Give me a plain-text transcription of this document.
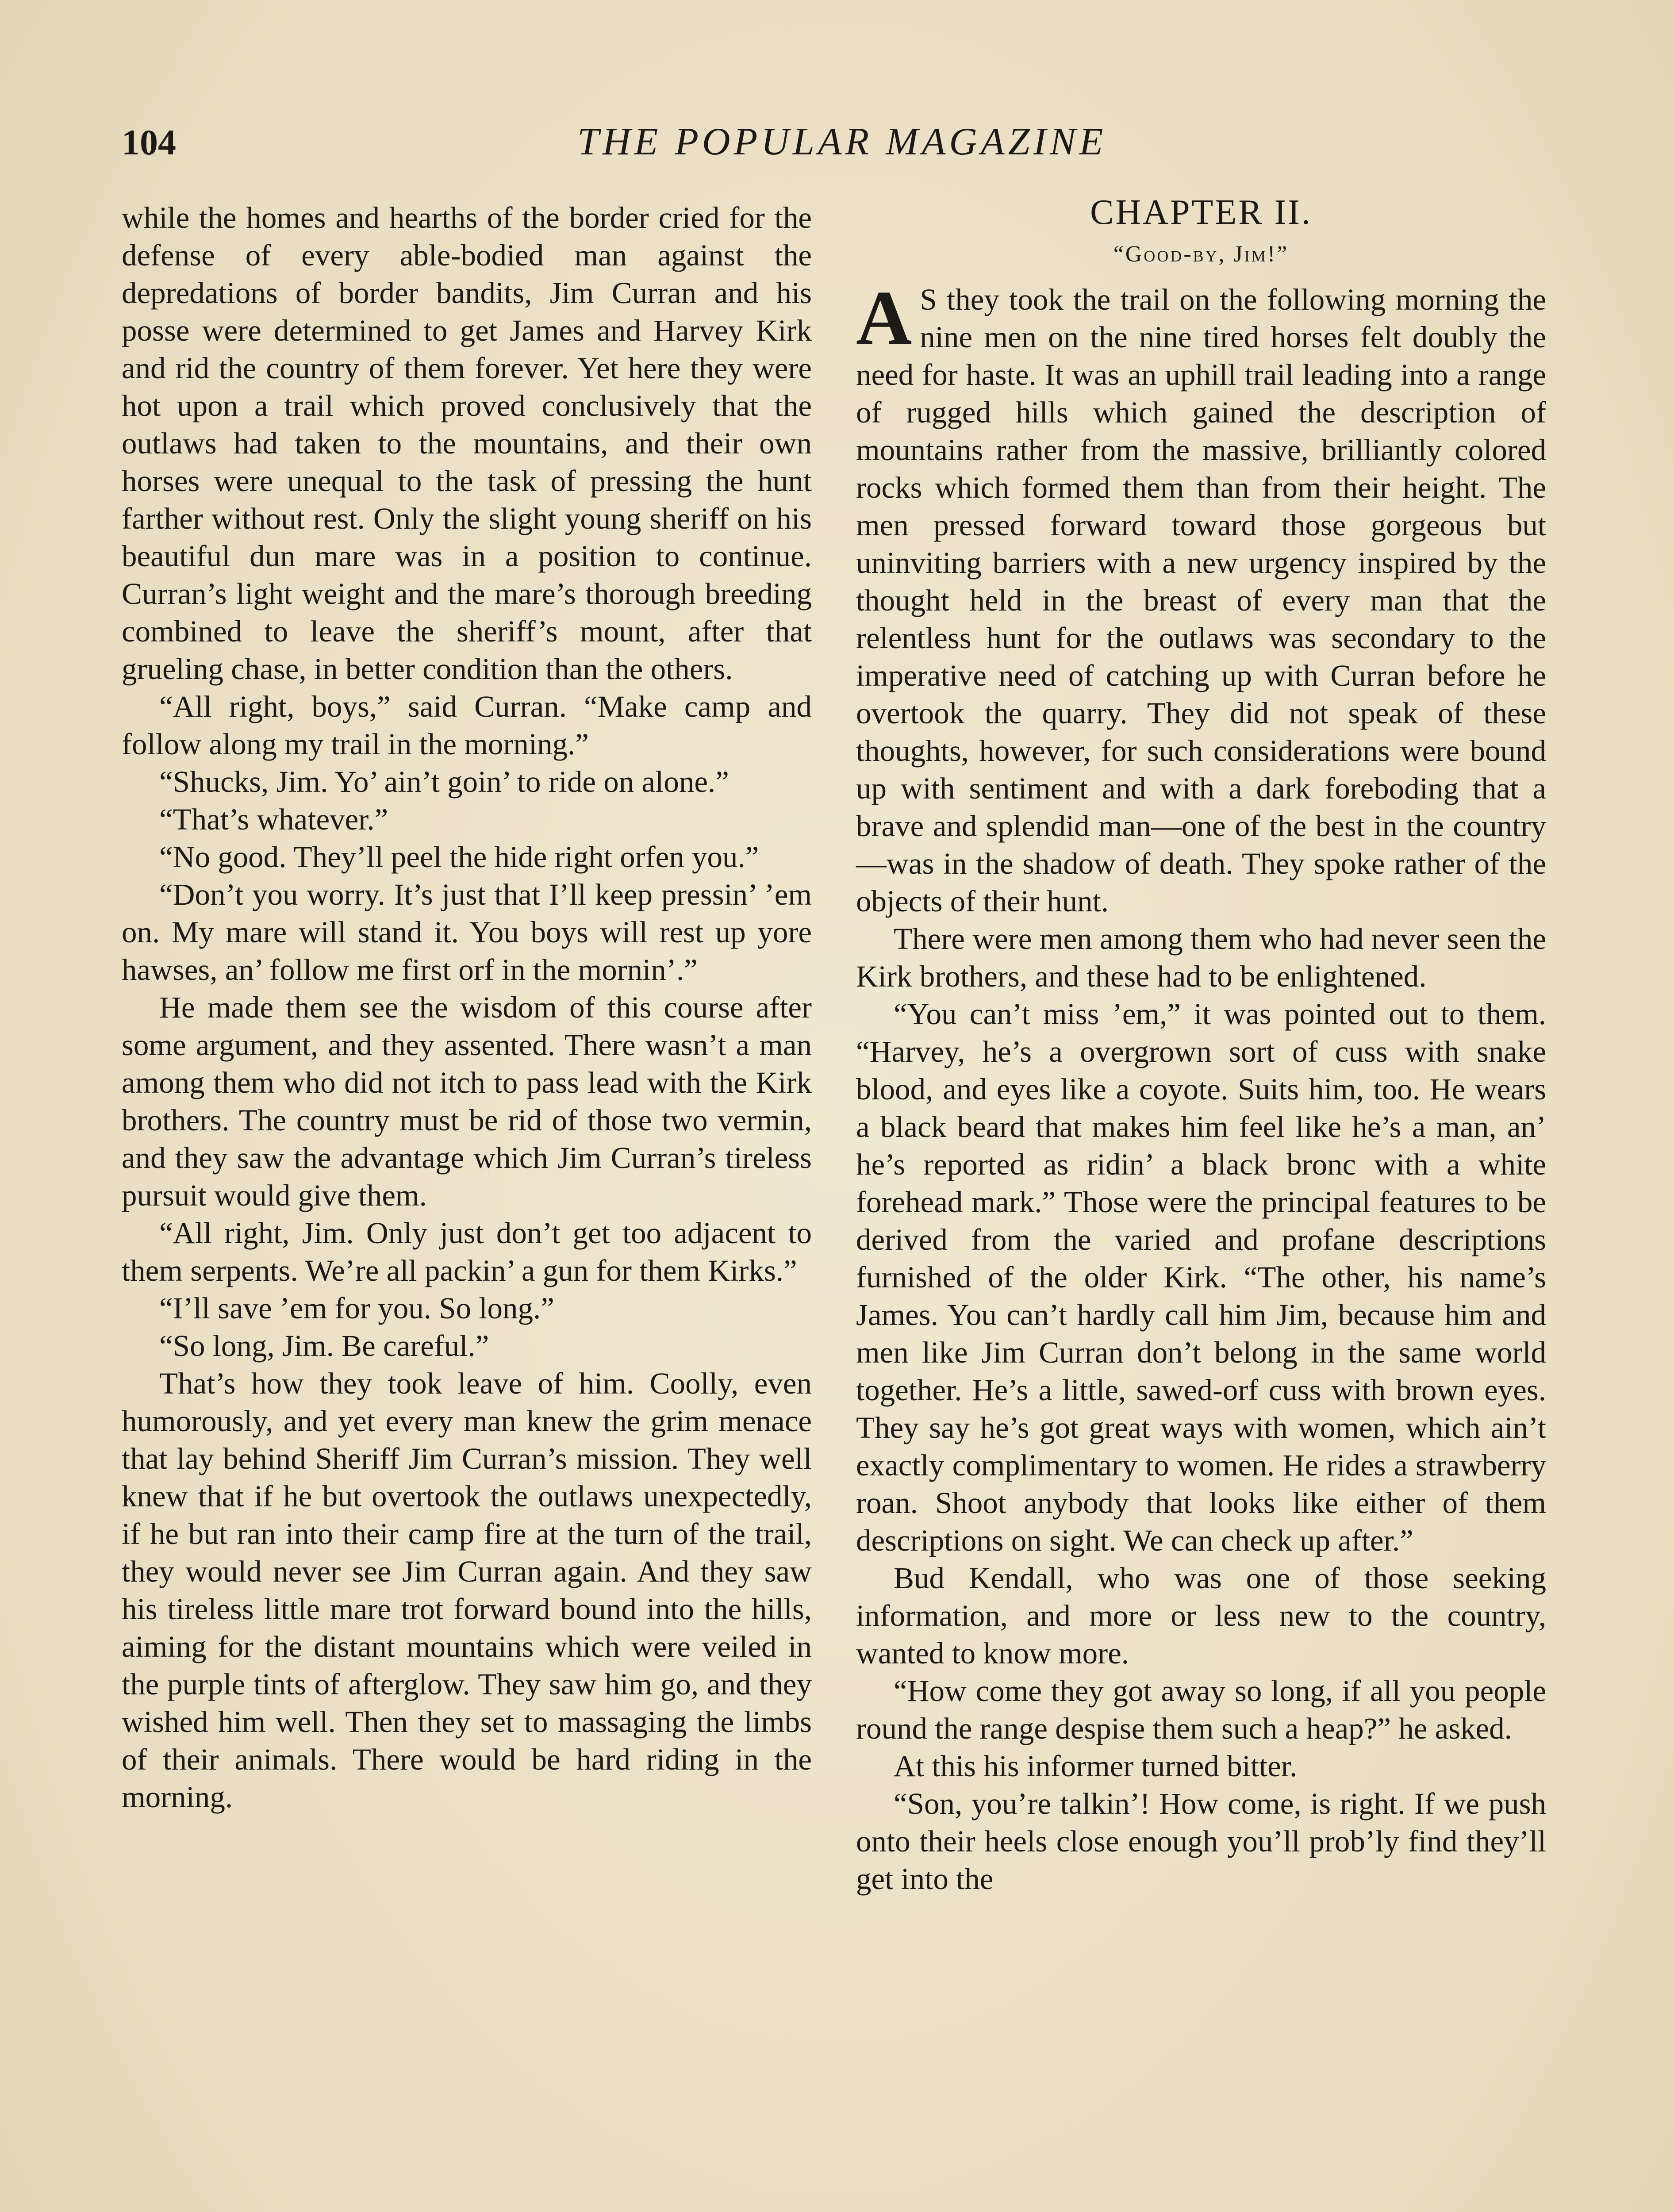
104	THE POPULAR MAGAZINE

while the homes and hearths of the border cried for the defense of every able-bodied man against the depredations of border bandits, Jim Curran and his posse were determined to get James and Harvey Kirk and rid the country of them forever. Yet here they were hot upon a trail which proved conclusively that the outlaws had taken to the mountains, and their own horses were unequal to the task of pressing the hunt farther without rest. Only the slight young sheriff on his beautiful dun mare was in a position to continue. Curran’s light weight and the mare’s thorough breeding combined to leave the sheriff’s mount, after that grueling chase, in better condition than the others.

“All right, boys,” said Curran. “Make camp and follow along my trail in the morning.”

“Shucks, Jim. Yo’ ain’t goin’ to ride on alone.”

“That’s whatever.”

“No good. They’ll peel the hide right orfen you.”

“Don’t you worry. It’s just that I’ll keep pressin’ ’em on. My mare will stand it. You boys will rest up yore hawses, an’ follow me first orf in the mornin’.”

He made them see the wisdom of this course after some argument, and they assented. There wasn’t a man among them who did not itch to pass lead with the Kirk brothers. The country must be rid of those two vermin, and they saw the advantage which Jim Curran’s tireless pursuit would give them.

“All right, Jim. Only just don’t get too adjacent to them serpents. We’re all packin’ a gun for them Kirks.”

“I’ll save ’em for you. So long.”

“So long, Jim. Be careful.”

That’s how they took leave of him. Coolly, even humorously, and yet every man knew the grim menace that lay behind Sheriff Jim Curran’s mission. They well knew that if he but overtook the outlaws unexpectedly, if he but ran into their camp fire at the turn of the trail, they would never see Jim Curran again. And they saw his tireless little mare trot forward bound into the hills, aiming for the distant mountains which were veiled in the purple tints of afterglow. They saw him go, and they wished him well. Then they set to massaging the limbs of their animals. There would be hard riding in the morning.

CHAPTER II.
“Good-by, Jim!”

A S they took the trail on the following morning the nine men on the nine tired horses felt doubly the need for haste. It was an uphill trail leading into a range of rugged hills which gained the description of mountains rather from the massive, brilliantly colored rocks which formed them than from their height. The men pressed forward toward those gorgeous but uninviting barriers with a new urgency inspired by the thought held in the breast of every man that the relentless hunt for the outlaws was secondary to the imperative need of catching up with Curran before he overtook the quarry. They did not speak of these thoughts, however, for such considerations were bound up with sentiment and with a dark foreboding that a brave and splendid man—one of the best in the country—was in the shadow of death. They spoke rather of the objects of their hunt.

There were men among them who had never seen the Kirk brothers, and these had to be enlightened.

“You can’t miss ’em,” it was pointed out to them. “Harvey, he’s a overgrown sort of cuss with snake blood, and eyes like a coyote. Suits him, too. He wears a black beard that makes him feel like he’s a man, an’ he’s reported as ridin’ a black bronc with a white forehead mark.” Those were the principal features to be derived from the varied and profane descriptions furnished of the older Kirk. “The other, his name’s James. You can’t hardly call him Jim, because him and men like Jim Curran don’t belong in the same world together. He’s a little, sawed-orf cuss with brown eyes. They say he’s got great ways with women, which ain’t exactly complimentary to women. He rides a strawberry roan. Shoot anybody that looks like either of them descriptions on sight. We can check up after.”

Bud Kendall, who was one of those seeking information, and more or less new to the country, wanted to know more.

“How come they got away so long, if all you people round the range despise them such a heap?” he asked.

At this his informer turned bitter.

“Son, you’re talkin’! How come, is right. If we push onto their heels close enough you’ll prob’ly find they’ll get into the
